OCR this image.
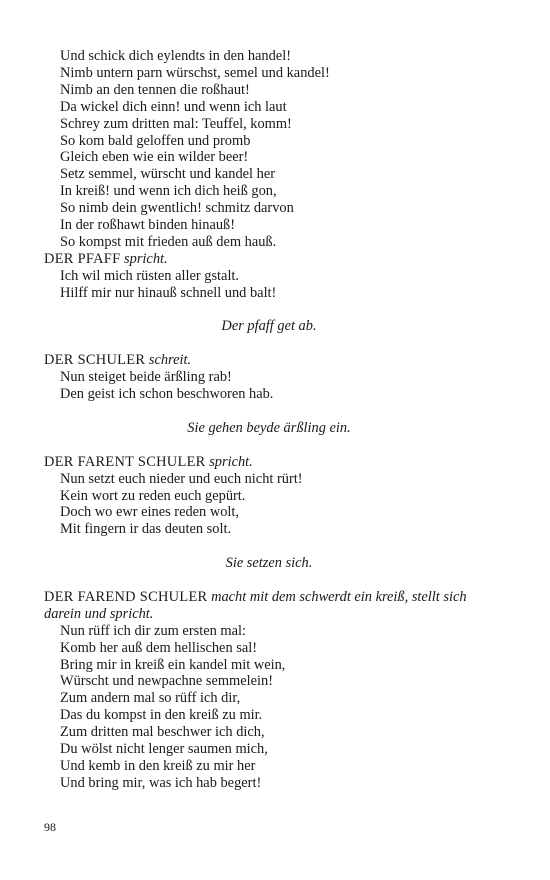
Und schick dich eylendts in den handel!
Nimb untern parn würschst, semel und kandel!
Nimb an den tennen die roßhaut!
Da wickel dich einn! und wenn ich laut
Schrey zum dritten mal: Teuffel, komm!
So kom bald geloffen und promb
Gleich eben wie ein wilder beer!
Setz semmel, würscht und kandel her
In kreiß! und wenn ich dich heiß gon,
So nimb dein gwentlich! schmitz darvon
In der roßhawt binden hinauß!
So kompst mit frieden auß dem hauß.
DER PFAFF spricht.
Ich wil mich rüsten aller gstalt.
Hilff mir nur hinauß schnell und balt!
Der pfaff get ab.
DER SCHULER schreit.
Nun steiget beide ärßling rab!
Den geist ich schon beschworen hab.
Sie gehen beyde ärßling ein.
DER FARENT SCHULER spricht.
Nun setzt euch nieder und euch nicht rürt!
Kein wort zu reden euch gepürt.
Doch wo ewr eines reden wolt,
Mit fingern ir das deuten solt.
Sie setzen sich.
DER FAREND SCHULER macht mit dem schwerdt ein kreiß, stellt sich darein und spricht.
Nun rüff ich dir zum ersten mal:
Komb her auß dem hellischen sal!
Bring mir in kreiß ein kandel mit wein,
Würscht und newpachne semmelein!
Zum andern mal so rüff ich dir,
Das du kompst in den kreiß zu mir.
Zum dritten mal beschwer ich dich,
Du wölst nicht lenger saumen mich,
Und kemb in den kreiß zu mir her
Und bring mir, was ich hab begert!
98
